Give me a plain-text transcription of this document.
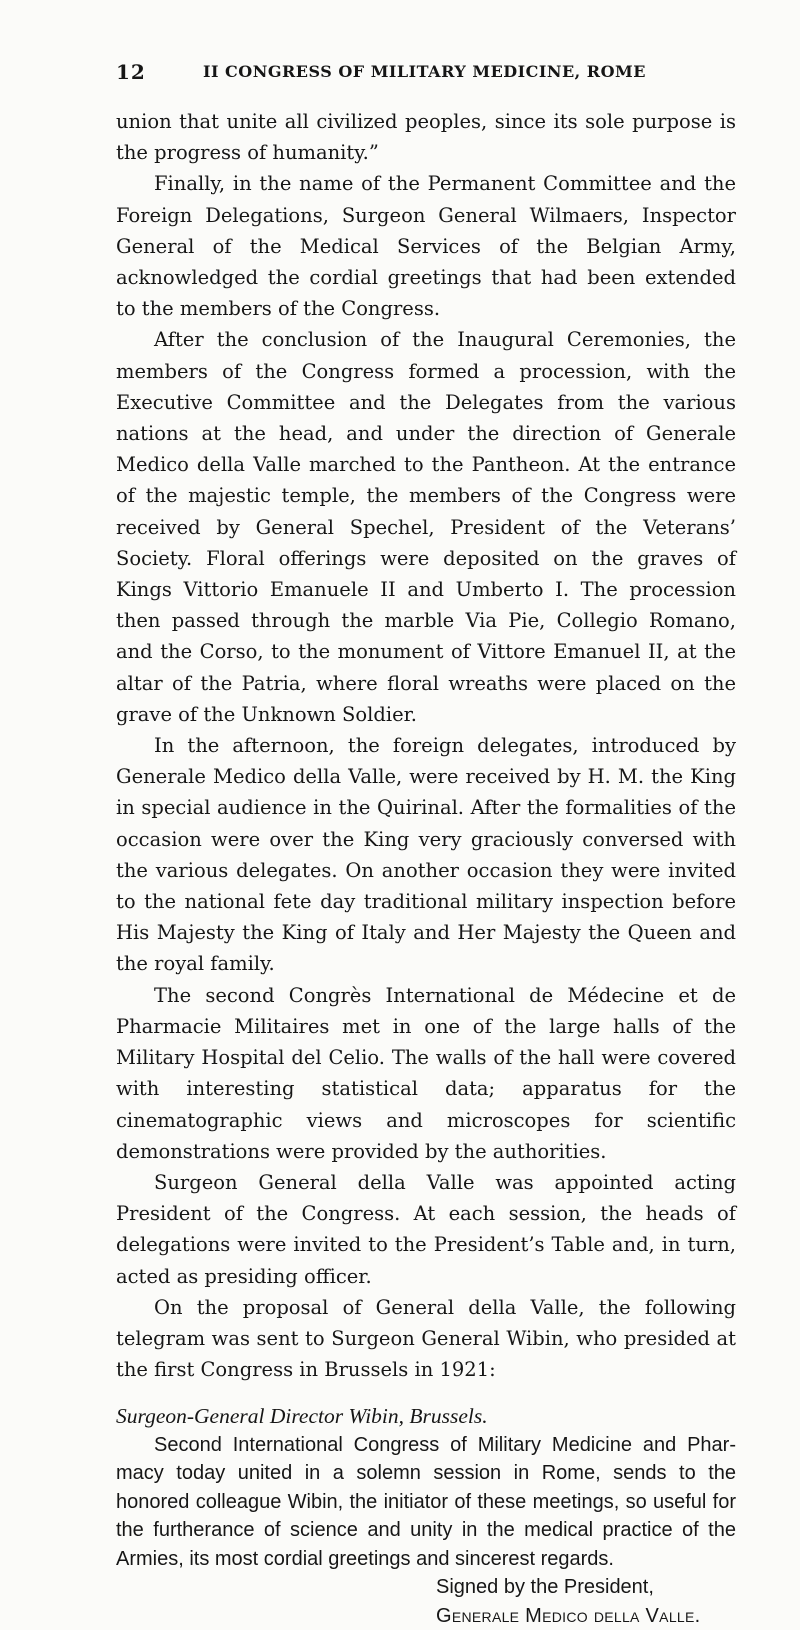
12	II CONGRESS OF MILITARY MEDICINE, ROME

union that unite all civilized peoples, since its sole purpose is the progress of humanity.”

Finally, in the name of the Permanent Committee and the Foreign Delegations, Surgeon General Wilmaers, Inspector General of the Medical Services of the Belgian Army, acknowledged the cordial greetings that had been extended to the members of the Congress.

After the conclusion of the Inaugural Ceremonies, the members of the Congress formed a procession, with the Executive Committee and the Delegates from the various nations at the head, and under the direction of Generale Medico della Valle marched to the Pantheon. At the entrance of the majestic temple, the members of the Congress were received by General Spechel, President of the Veterans’ Society. Floral offerings were deposited on the graves of Kings Vittorio Emanuele II and Umberto I. The procession then passed through the marble Via Pie, Collegio Romano, and the Corso, to the monument of Vittore Emanuel II, at the altar of the Patria, where floral wreaths were placed on the grave of the Unknown Soldier.

In the afternoon, the foreign delegates, introduced by Generale Medico della Valle, were received by H. M. the King in special audience in the Quirinal. After the formalities of the occasion were over the King very graciously conversed with the various delegates. On another occasion they were invited to the national fete day traditional military inspection before His Majesty the King of Italy and Her Majesty the Queen and the royal family.

The second Congrès International de Médecine et de Pharmacie Militaires met in one of the large halls of the Military Hospital del Celio. The walls of the hall were covered with interesting statistical data; apparatus for the cinematographic views and microscopes for scientific demonstrations were provided by the authorities.

Surgeon General della Valle was appointed acting President of the Congress. At each session, the heads of delegations were invited to the President’s Table and, in turn, acted as presiding officer.

On the proposal of General della Valle, the following telegram was sent to Surgeon General Wibin, who presided at the first Congress in Brussels in 1921:

Surgeon-General Director Wibin, Brussels.

Second International Congress of Military Medicine and Pharmacy today united in a solemn session in Rome, sends to the honored colleague Wibin, the initiator of these meetings, so useful for the furtherance of science and unity in the medical practice of the Armies, its most cordial greetings and sincerest regards.

Signed by the President,

Generale Medico della Valle.
